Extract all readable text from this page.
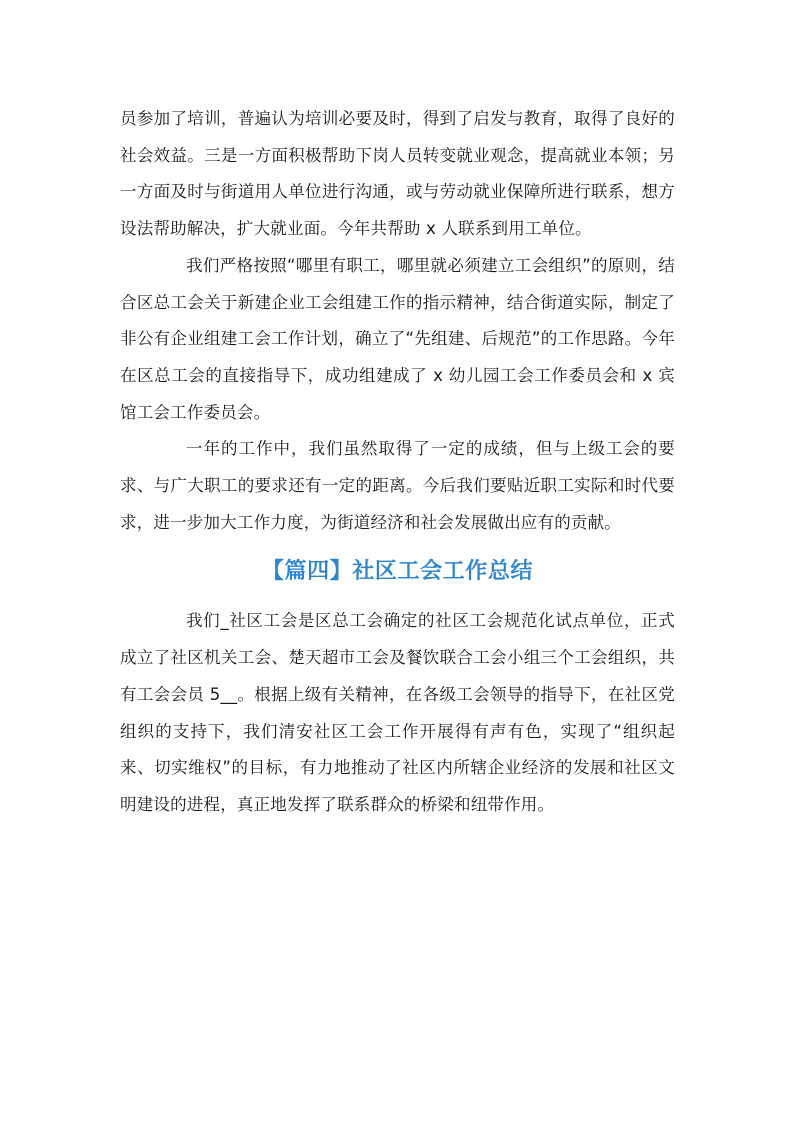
员参加了培训，普遍认为培训必要及时，得到了启发与教育，取得了良好的社会效益。三是一方面积极帮助下岗人员转变就业观念，提高就业本领；另一方面及时与街道用人单位进行沟通，或与劳动就业保障所进行联系，想方设法帮助解决，扩大就业面。今年共帮助 x 人联系到用工单位。

我们严格按照“哪里有职工，哪里就必须建立工会组织”的原则，结合区总工会关于新建企业工会组建工作的指示精神，结合街道实际，制定了非公有企业组建工会工作计划，确立了“先组建、后规范”的工作思路。今年在区总工会的直接指导下，成功组建成了 x 幼儿园工会工作委员会和 x 宾馆工会工作委员会。

一年的工作中，我们虽然取得了一定的成绩，但与上级工会的要求、与广大职工的要求还有一定的距离。今后我们要贴近职工实际和时代要求，进一步加大工作力度，为街道经济和社会发展做出应有的贡献。

【篇四】社区工会工作总结

我们_社区工会是区总工会确定的社区工会规范化试点单位，正式成立了社区机关工会、楚天超市工会及餐饮联合工会小组三个工会组织，共有工会会员 5__。根据上级有关精神，在各级工会领导的指导下，在社区党组织的支持下，我们清安社区工会工作开展得有声有色，实现了“组织起来、切实维权”的目标，有力地推动了社区内所辖企业经济的发展和社区文明建设的进程，真正地发挥了联系群众的桥梁和纽带作用。
